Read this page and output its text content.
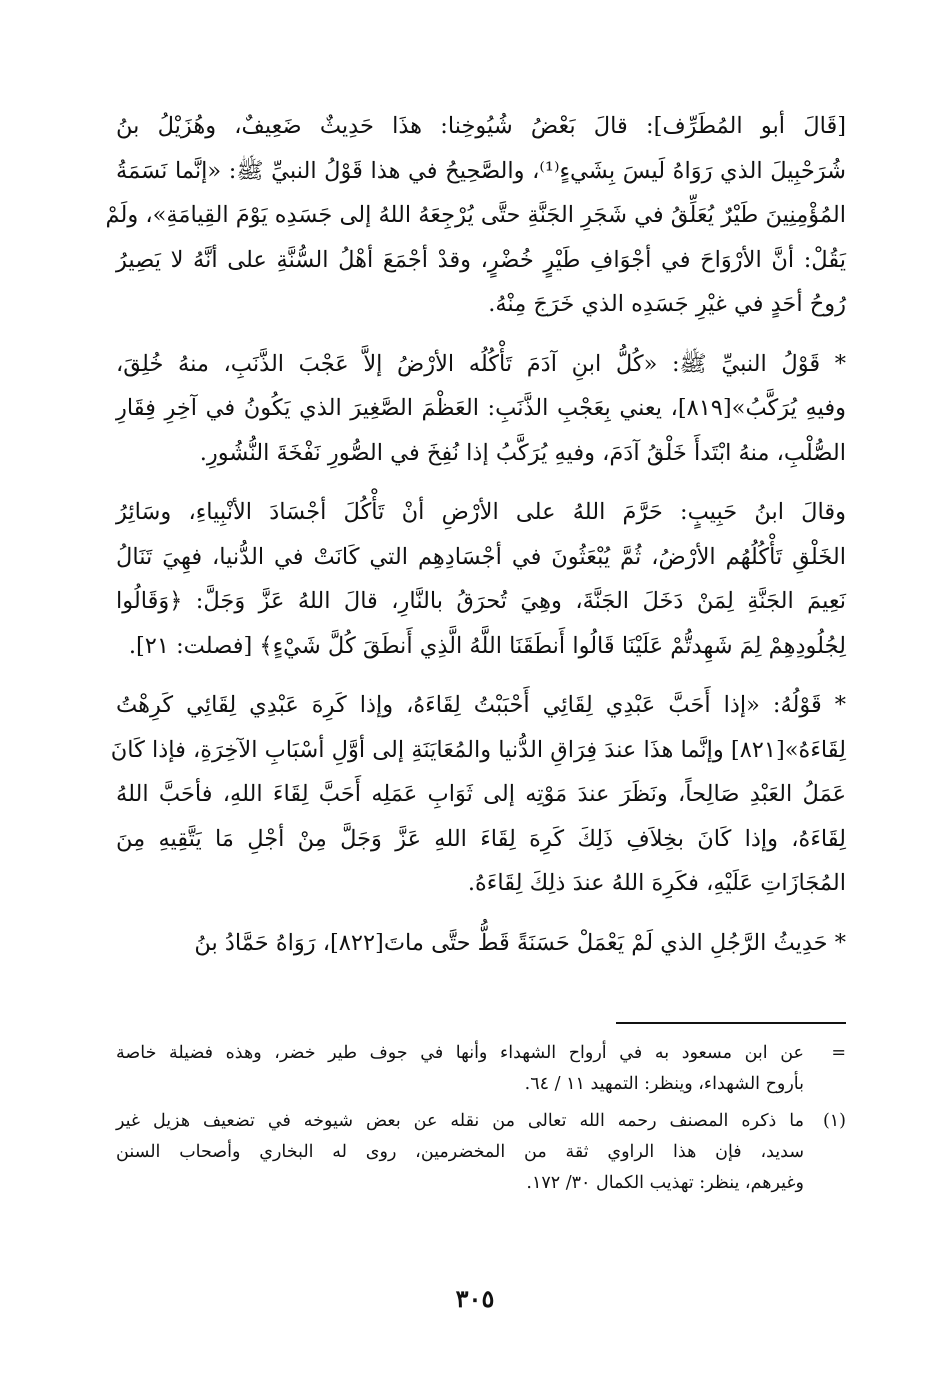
[قَالَ أبو المُطَرِّف]: قالَ بَعْضُ شُيُوخِنا: هذَا حَدِيثٌ ضَعِيفٌ، وهُزَيْلُ بنُ
شُرَحْبِيلَ الذي رَوَاهُ لَيسَ بِشَيءٍ⁽¹⁾، والصَّحِيحُ في هذا قَوْلُ النبيِّ ﷺ: «إنَّما نَسَمَةُ
المُؤْمِنِينَ طَيْرٌ يُعَلِّقُ في شَجَرِ الجَنَّةِ حتَّى يُرْجِعَهُ اللهُ إلى جَسَدِه يَوْمَ القِيامَةِ»، ولَمْ
يَقُلْ: أنَّ الأرْوَاحَ في أجْوَافِ طَيْرٍ خُضْرٍ، وقدْ أجْمَعَ أهْلُ السُّنَّةِ على أنَّهُ لا يَصِيرُ
رُوحُ أحَدٍ في غيْرِ جَسَدِه الذي خَرَجَ مِنْهُ.

* قَوْلُ النبيِّ ﷺ: «كُلُّ ابنِ آدَمَ تَأْكُلُه الأرْضُ إلاَّ عَجْبَ الذَّنَبِ، منهُ خُلِقَ،
وفيهِ يُرَكَّبُ»[٨١٩]، يعني بِعَجْبِ الذَّنَبِ: العَظْمَ الصَّغِيرَ الذي يَكُونُ في آخِرِ فِقَارِ
الصُّلْبِ، منهُ ابْتَدأَ خَلْقُ آدَمَ، وفيهِ يُرَكَّبُ إذا نُفِخَ في الصُّورِ نَفْخَةَ النُّشُورِ.

وقالَ ابنُ حَبِيبٍ: حَرَّمَ اللهُ على الأرْضِ أنْ تَأْكُلَ أجْسَادَ الأنْبِياءِ، وسَائِرُ
الخَلْقِ تَأْكُلُهُم الأرْضُ، ثُمَّ يُبْعَثُونَ في أجْسَادِهِم التي كَانَتْ في الدُّنيا، فهِيَ تَنَالُ
نَعِيمَ الجَنَّةِ لِمَنْ دَخَلَ الجَنَّةَ، وهِيَ تُحرَقُ بالنَّارِ، قالَ اللهُ عَزَّ وَجَلَّ: ﴿وَقَالُوا
لِجُلُودِهِمْ لِمَ شَهِدتُّمْ عَلَيْنَا قَالُوا أَنطَقَنَا اللَّهُ الَّذِي أَنطَقَ كُلَّ شَيْءٍ﴾ [فصلت: ٢١].

* قَوْلُهُ: «إذا أَحَبَّ عَبْدِي لِقَائِي أَحْبَبْتُ لِقَاءَهُ، وإذا كَرِهَ عَبْدِي لِقَائِي كَرِهْتُ
لِقَاءَهُ»[٨٢١] وإنَّما هذَا عندَ فِرَاقِ الدُّنيا والمُعَايَنَةِ إلى أوَّلِ أسْبَابِ الآخِرَةِ، فإذا كَانَ
عَمَلُ العَبْدِ صَالِحاً، ونَظَرَ عندَ مَوْتِه إلى ثَوَابِ عَمَلِه أَحَبَّ لِقَاءَ اللهِ، فأحَبَّ اللهُ
لِقَاءَهُ، وإذا كَانَ بخِلاَفِ ذَلِكَ كَرِهَ لِقَاءَ اللهِ عَزَّ وَجَلَّ مِنْ أجْلِ مَا يَتَّقِيهِ مِنَ
المُجَازَاتِ عَلَيْهِ، فكَرِهَ اللهُ عندَ ذلِكَ لِقَاءَهُ.

* حَدِيثُ الرَّجُلِ الذي لَمْ يَعْمَلْ حَسَنَةً قَطُّ حتَّى ماتَ[٨٢٢]، رَوَاهُ حَمَّادُ بنُ

=
عن ابن مسعود به في أرواح الشهداء وأنها في جوف طير خضر، وهذه فضيلة خاصة
بأروح الشهداء، وينظر: التمهيد ١١ / ٦٤.
(١)
ما ذكره المصنف رحمه الله تعالى من نقله عن بعض شيوخه في تضعيف هزيل غير
سديد، فإن هذا الراوي ثقة من المخضرمين، روى له البخاري وأصحاب السنن
وغيرهم، ينظر: تهذيب الكمال ٣٠/ ١٧٢.
٣٠٥
